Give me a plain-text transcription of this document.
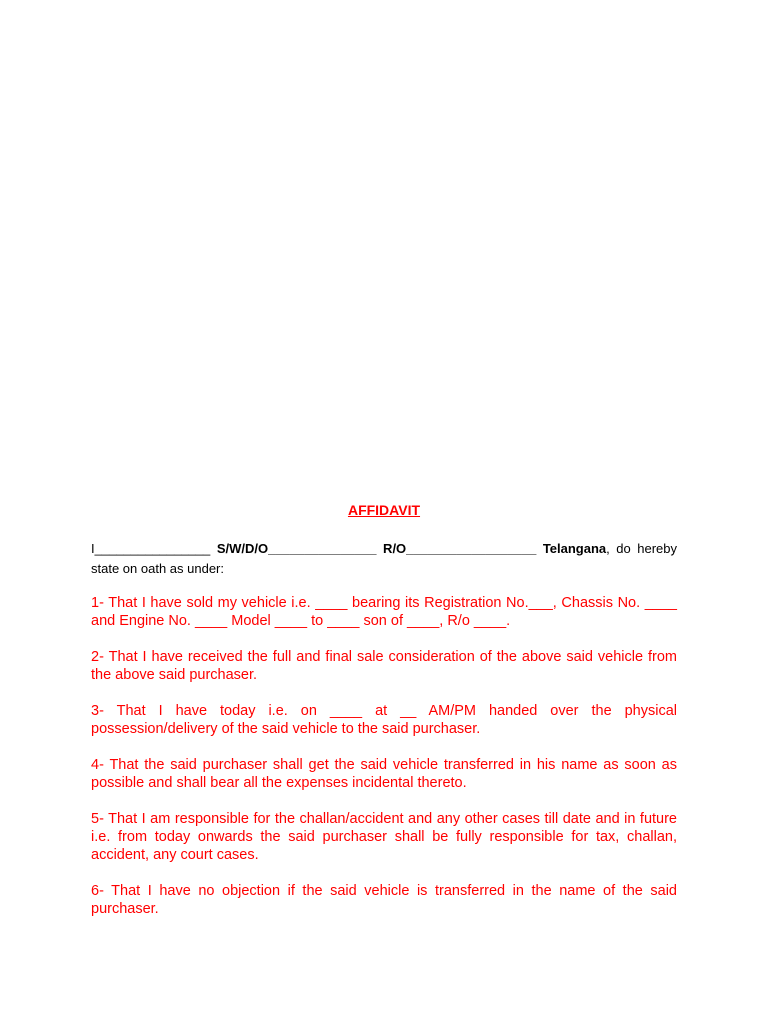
AFFIDAVIT
I________________ S/W/D/O_______________ R/O__________________ Telangana, do hereby state on oath as under:

1- That I have sold my vehicle i.e. ____ bearing its Registration No.___, Chassis No. ____ and Engine No. ____ Model ____ to ____ son of ____, R/o ____.

2- That I have received the full and final sale consideration of the above said vehicle from the above said purchaser.

3- That I have today i.e. on ____ at __ AM/PM handed over the physical possession/delivery of the said vehicle to the said purchaser.

4- That the said purchaser shall get the said vehicle transferred in his name as soon as possible and shall bear all the expenses incidental thereto.

5- That I am responsible for the challan/accident and any other cases till date and in future i.e. from today onwards the said purchaser shall be fully responsible for tax, challan, accident, any court cases.

6- That I have no objection if the said vehicle is transferred in the name of the said purchaser.
